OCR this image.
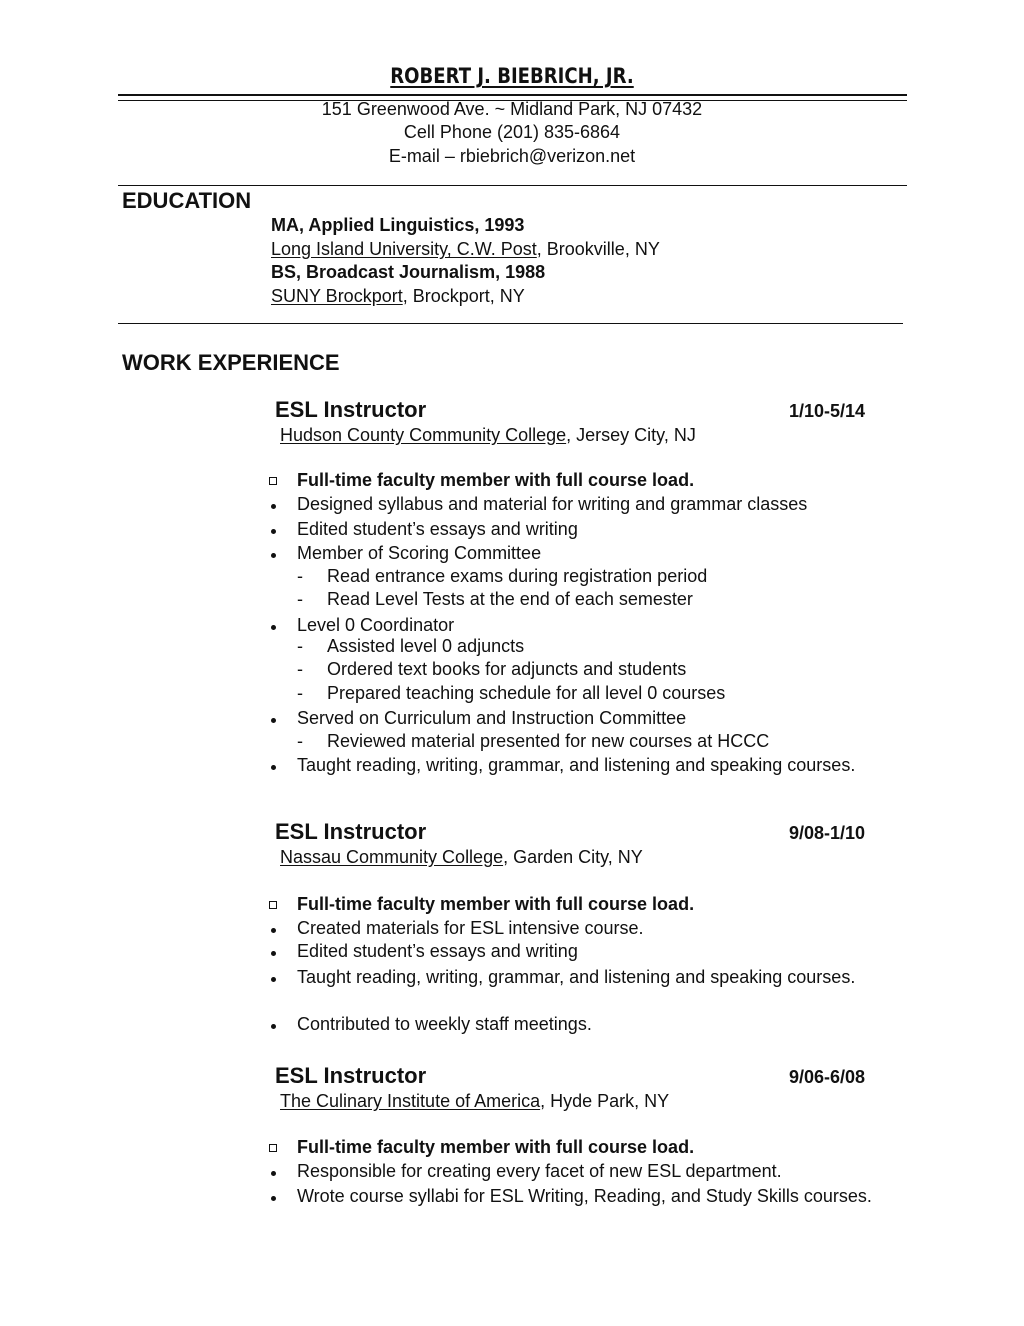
ROBERT J. BIEBRICH, JR.
151 Greenwood Ave. ~ Midland Park, NJ 07432
Cell Phone (201) 835-6864
E-mail – rbiebrich@verizon.net
EDUCATION
MA, Applied Linguistics, 1993
Long Island University, C.W. Post, Brookville, NY
BS, Broadcast Journalism, 1988
SUNY Brockport, Brockport, NY
WORK EXPERIENCE
ESL Instructor	1/10-5/14
Hudson County Community College, Jersey City, NJ
Full-time faculty member with full course load.
Designed syllabus and material for writing and grammar classes
Edited student’s essays and writing
Member of Scoring Committee
- Read entrance exams during registration period
- Read Level Tests at the end of each semester
Level 0 Coordinator
- Assisted level 0 adjuncts
- Ordered text books for adjuncts and students
- Prepared teaching schedule for all level 0 courses
Served on Curriculum and Instruction Committee
- Reviewed material presented for new courses at HCCC
Taught reading, writing, grammar, and listening and speaking courses.
ESL Instructor	9/08-1/10
Nassau Community College, Garden City, NY
Full-time faculty member with full course load.
Created materials for ESL intensive course.
Edited student’s essays and writing
Taught reading, writing, grammar, and listening and speaking courses.
Contributed to weekly staff meetings.
ESL Instructor	9/06-6/08
The Culinary Institute of America, Hyde Park, NY
Full-time faculty member with full course load.
Responsible for creating every facet of new ESL department.
Wrote course syllabi for ESL Writing, Reading, and Study Skills courses.
